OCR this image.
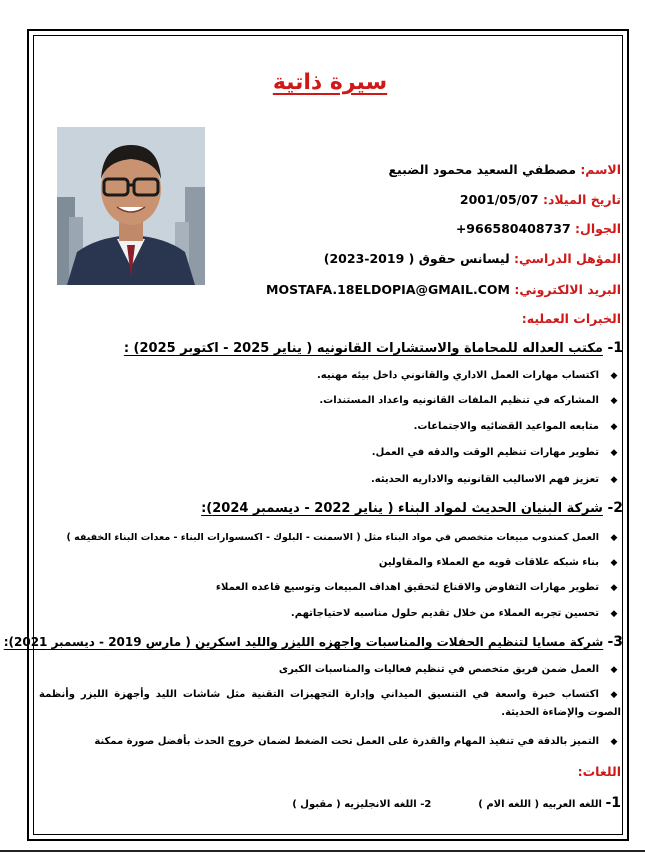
سيرة ذاتية
الاسم: مصطفي السعيد محمود الضبيع
تاريخ الميلاد: 2001/05/07
الجوال: +966580408737
المؤهل الدراسي: ليسانس حقوق ( 2019-2023)
البريد الالكتروني: MOSTAFA.18ELDOPIA@GMAIL.COM
الخبرات العمليه:
1- مكتب العداله للمحاماة والاستشارات القانونيه ( يناير 2025 - اكتوبر 2025) :
◆اكتساب مهارات العمل الاداري والقانوني داخل بيئه مهنيه.
◆المشاركه في تنظيم الملفات القانونيه واعداد المستندات.
◆متابعه المواعيد القضائيه والاجتماعات.
◆تطوير مهارات تنظيم الوقت والدقه في العمل.
◆تعزيز فهم الاساليب القانونيه والاداريه الحديثه.
2- شركة البنيان الحديث لمواد البناء ( يناير 2022 - ديسمبر 2024):
◆العمل كمندوب مبيعات متخصص في مواد البناء مثل ( الاسمنت - البلوك - اكسسوارات البناء - معدات البناء الخفيفه )
◆بناء شبكه علاقات قويه مع العملاء والمقاولين
◆تطوير مهارات التفاوض والاقناع لتحقيق اهداف المبيعات وتوسيع قاعده العملاء
◆تحسين تجربه العملاء من خلال تقديم حلول مناسبه لاحتياجاتهم.
3- شركة مسايا لتنظيم الحفلات والمناسبات واجهزه الليزر والليد اسكرين ( مارس 2019 - ديسمبر 2021):
◆العمل ضمن فريق متخصص في تنظيم فعاليات والمناسبات الكبرى
◆اكتساب خبرة واسعة في التنسيق الميداني وإدارة التجهيزات التقنية مثل شاشات الليد وأجهزة الليزر وأنظمة الصوت والإضاءة الحديثة.
◆التميز بالدقة في تنفيذ المهام والقدرة على العمل تحت الضغط لضمان خروج الحدث بأفضل صورة ممكنة
اللغات:
1- اللغه العربيه ( اللغه الام )  2- اللغه الانجليزيه ( مقبول )
